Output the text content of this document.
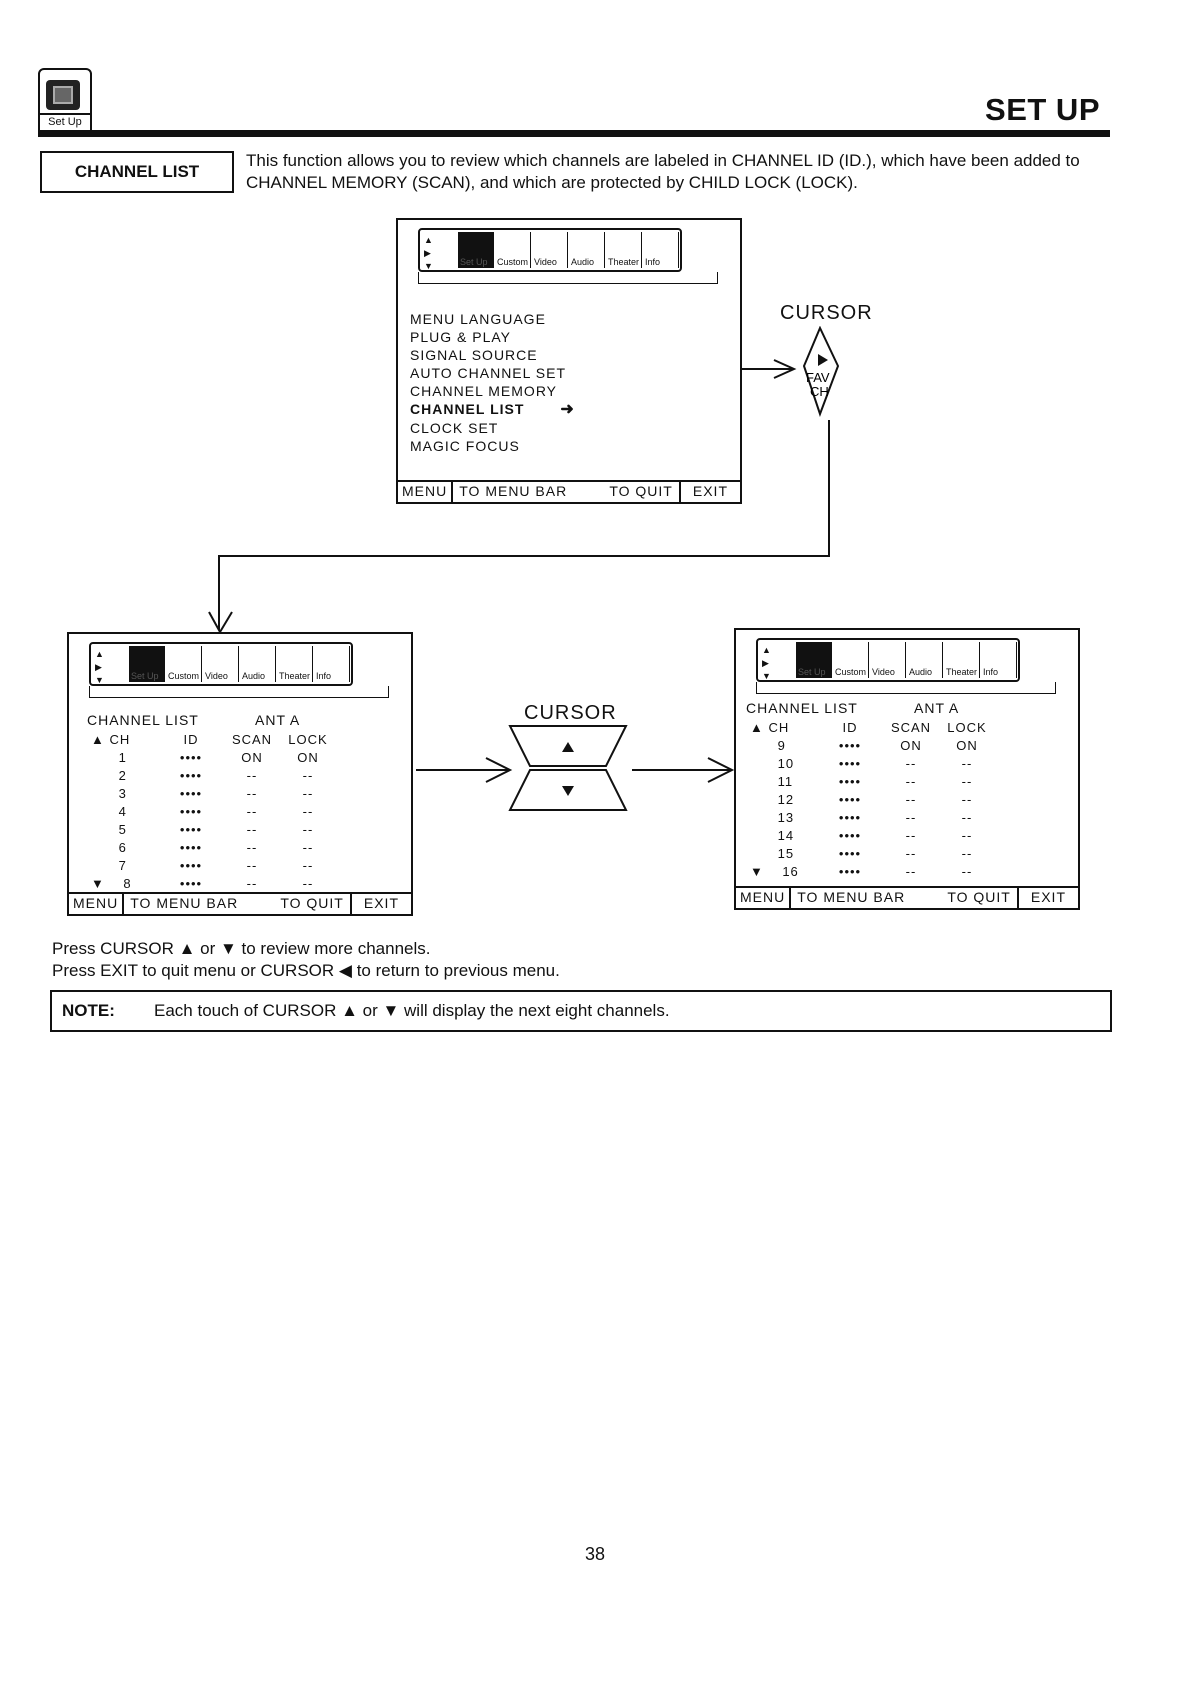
Set Up	SET UP
CHANNEL LIST
This function allows you to review which channels are labeled in CHANNEL ID (ID.), which have been added to CHANNEL MEMORY (SCAN), and which are protected by CHILD LOCK (LOCK).
▲
▶
▼	Set Up Custom Video Audio Theater Info
MENU LANGUAGE
PLUG & PLAY
SIGNAL SOURCE
AUTO CHANNEL SET
CHANNEL MEMORY
CHANNEL LIST ➜
CLOCK SET
MAGIC FOCUS
MENU TO MENU BAR	TO QUIT	EXIT
CURSOR
FAV
CH
▲
▶
▼	Set Up Custom Video Audio Theater Info
CHANNEL LIST	ANT A
▲ CH	ID	SCAN	LOCK
1	••••	ON	ON
2	••••	--	--
3	••••	--	--
4	••••	--	--
5	••••	--	--
6	••••	--	--
7	••••	--	--
▼    8	••••	--	--
MENU TO MENU BAR	TO QUIT	EXIT
CURSOR
▲
▶
▼	Set Up Custom Video Audio Theater Info
CHANNEL LIST	ANT A
▲ CH	ID	SCAN	LOCK
9	••••	ON	ON
10	••••	--	--
11	••••	--	--
12	••••	--	--
13	••••	--	--
14	••••	--	--
15	••••	--	--
▼    16	••••	--	--
MENU TO MENU BAR	TO QUIT	EXIT
Press CURSOR ▲ or ▼ to review more channels.
Press EXIT to quit menu or CURSOR ◀ to return to previous menu.
NOTE: Each touch of CURSOR ▲ or ▼ will display the next eight channels.
38
